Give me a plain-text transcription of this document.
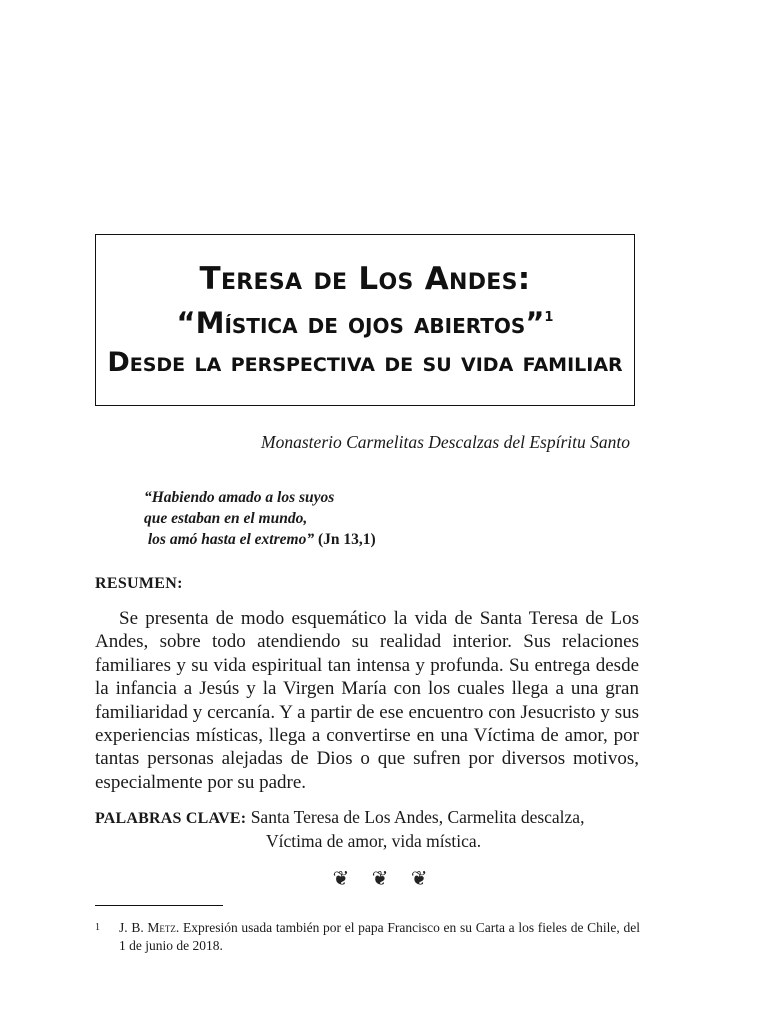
Teresa de Los Andes:
“Mística de ojos abiertos”$^1$
Desde la perspectiva de su vida familiar
Monasterio Carmelitas Descalzas del Espíritu Santo
“Habiendo amado a los suyos
que estaban en el mundo,
los amó hasta el extremo” (Jn 13,1)
RESUMEN:

Se presenta de modo esquemático la vida de Santa Teresa de Los Andes, sobre todo atendiendo su realidad interior. Sus relaciones familiares y su vida espiritual tan intensa y profunda. Su entrega desde la infancia a Jesús y la Virgen María con los cuales llega a una gran familiaridad y cercanía. Y a partir de ese encuentro con Jesucristo y sus experiencias místicas, llega a convertirse en una Víctima de amor, por tantas personas alejadas de Dios o que sufren por diversos motivos, especialmente por su padre.

PALABRAS CLAVE: Santa Teresa de Los Andes, Carmelita descalza,
Víctima de amor, vida mística.
❦ ❦ ❦
1	J. B. Metz. Expresión usada también por el papa Francisco en su Carta a los fieles de Chile, del 1 de junio de 2018.
